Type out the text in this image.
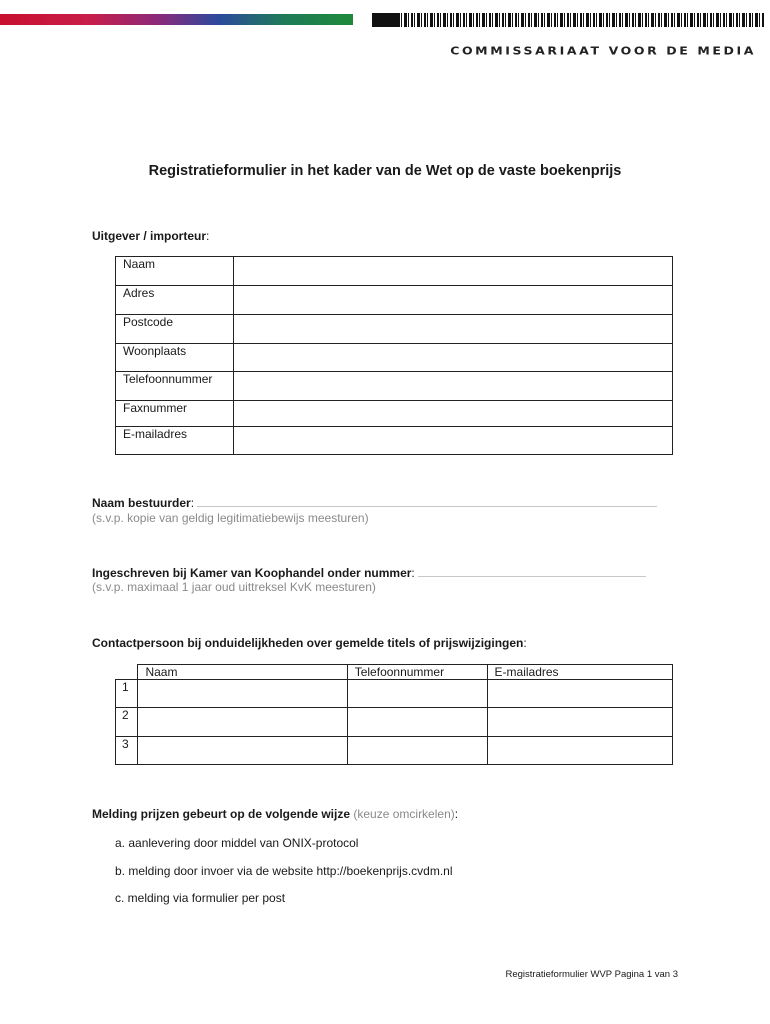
COMMISSARIAAT VOOR DE MEDIA
Registratieformulier in het kader van de Wet op de vaste boekenprijs
Uitgever / importeur:
Naam	
Adres	
Postcode	
Woonplaats	
Telefoonnummer	
Faxnummer	
E-mailadres	
Naam bestuurder:
(s.v.p. kopie van geldig legitimatiebewijs meesturen)
Ingeschreven bij Kamer van Koophandel onder nummer:
(s.v.p. maximaal 1 jaar oud uittreksel KvK meesturen)
Contactpersoon bij onduidelijkheden over gemelde titels of prijswijzigingen:
	Naam	Telefoonnummer	E-mailadres
1			
2			
3			
Melding prijzen gebeurt op de volgende wijze (keuze omcirkelen):
a. aanlevering door middel van ONIX-protocol
b. melding door invoer via de website http://boekenprijs.cvdm.nl
c. melding via formulier per post
Registratieformulier WVP Pagina 1 van 3
